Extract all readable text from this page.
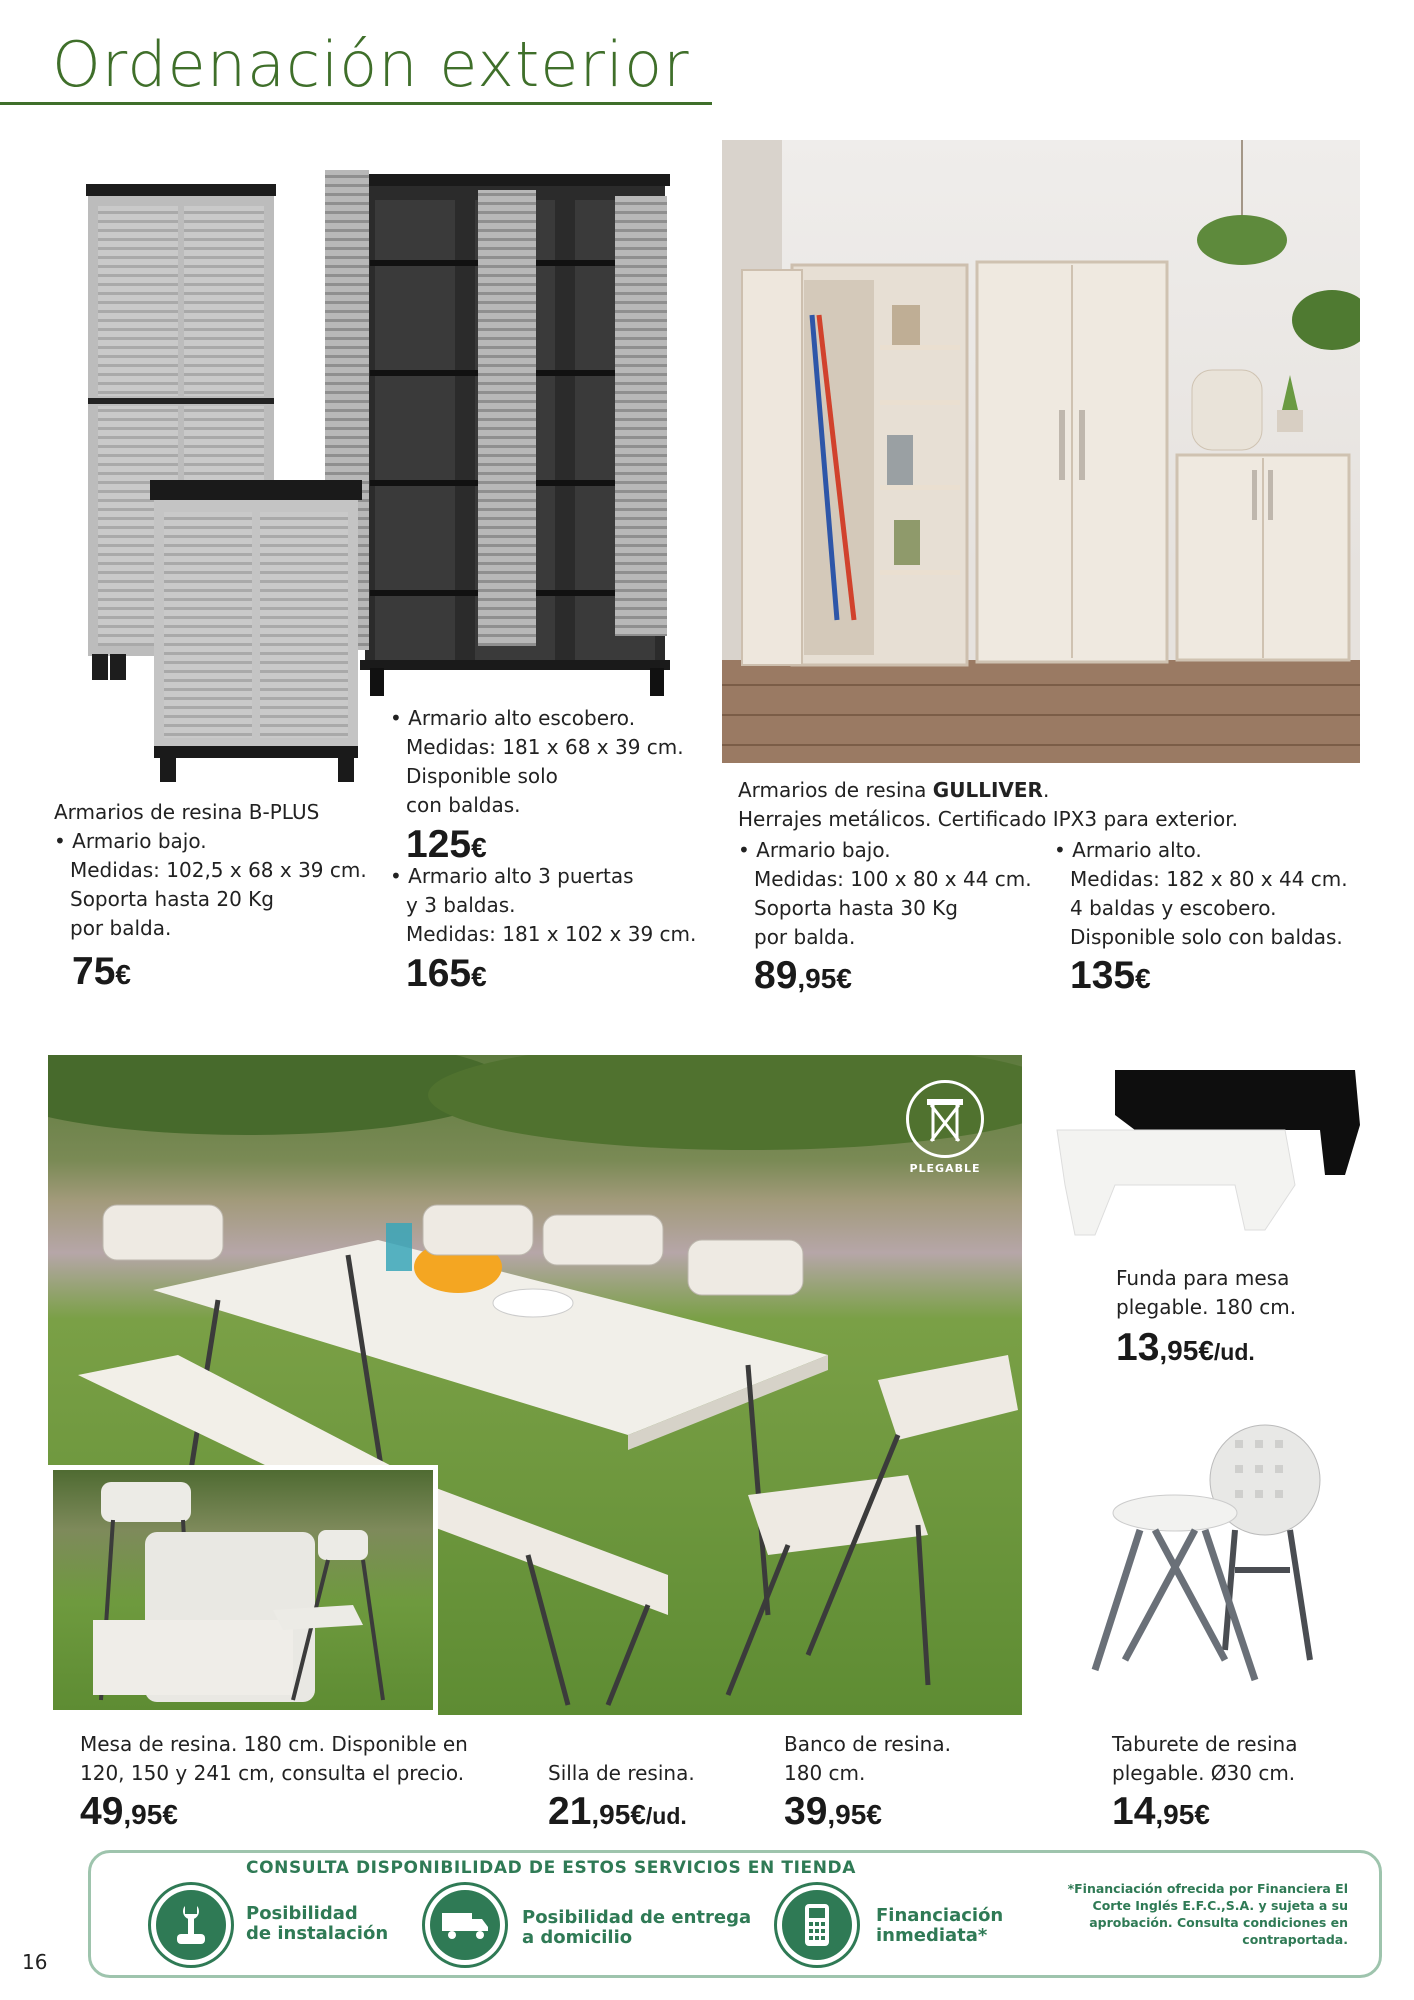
Ordenación exterior
Armarios de resina B-PLUS
• Armario bajo.
Medidas: 102,5 x 68 x 39 cm.
Soporta hasta 20 Kg
por balda.
75€
• Armario alto escobero.
Medidas: 181 x 68 x 39 cm.
Disponible solo
con baldas.
125€
• Armario alto 3 puertas
y 3 baldas.
Medidas: 181 x 102 x 39 cm.
165€
Armarios de resina GULLIVER.
Herrajes metálicos. Certificado IPX3 para exterior.
• Armario bajo.
Medidas: 100 x 80 x 44 cm.
Soporta hasta 30 Kg
por balda.
89,95€
• Armario alto.
Medidas: 182 x 80 x 44 cm.
4 baldas y escobero.
Disponible solo con baldas.
135€
PLEGABLE
Funda para mesa
plegable. 180 cm.
13,95€/ud.
Mesa de resina. 180 cm. Disponible en
120, 150 y 241 cm, consulta el precio.
49,95€
Silla de resina.
21,95€/ud.
Banco de resina.
180 cm.
39,95€
Taburete de resina
plegable. Ø30 cm.
14,95€
CONSULTA DISPONIBILIDAD DE ESTOS SERVICIOS EN TIENDA
Posibilidad
de instalación
Posibilidad de entrega
a domicilio
Financiación
inmediata*
*Financiación ofrecida por Financiera El Corte Inglés E.F.C.,S.A. y sujeta a su aprobación. Consulta condiciones en contraportada.
16
